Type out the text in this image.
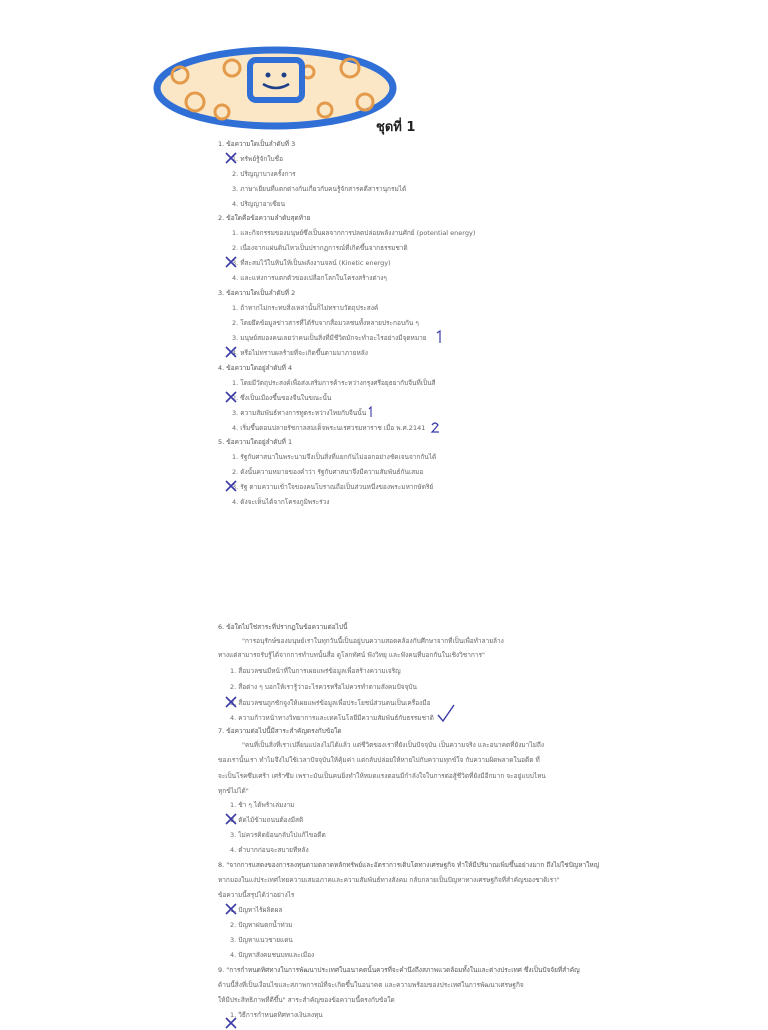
ชุดที่ 1
1. ข้อความใดเป็นลำดับที่ 3
1. ทรัพย์รู้จักใบชื่อ
2. ปริญญาบางครั้งการ
3. ภาษาเยียนที่แตกต่างกันเกี่ยวกับคนรู้จักสารคดีสารานุกรมได้
4. ปริญญาอาเซียน
2. ข้อใดคือข้อความลำดับสุดท้าย
1. และกิจกรรมของมนุษย์ซึ่งเป็นผลจากการปลดปล่อยพลังงานศักย์ (potential energy)
2. เนื่องจากแผ่นดินไหวเป็นปรากฏการณ์ที่เกิดขึ้นจากธรรมชาติ
3. ที่สะสมไว้ในหินให้เป็นพลังงานจลน์ (Kinetic energy)
4. และแห่งการแตกตัวของเปลือกโลกในโครงสร้างต่างๆ
3. ข้อความใดเป็นลำดับที่ 2
1. ถ้าหากไม่กระทบสิ่งเหล่านั้นก็ไม่ทราบวัตถุประสงค์
2. โดยยึดข้อมูลข่าวสารที่ได้รับจากสื่อมวลชนทั้งหลายประกอบกัน ๆ
3. มนุษย์สมองคนเลยว่าคนเป็นสิ่งที่มีชีวิตมักจะทำอะไรอย่างมีจุดหมาย
4. หรือไม่ทราบผลร้ายที่จะเกิดขึ้นตามมาภายหลัง
4. ข้อความใดอยู่ลำดับที่ 4
1. โดยมีวัตถุประสงค์เพื่อส่งเสริมการค้าระหว่างกรุงศรีอยุธยากับจีนที่เป็นสี
2. ซึ่งเป็นเมืองขึ้นของจีนในขณะนั้น
3. ความสัมพันธ์ทางการทูตระหว่างไทยกับจีนนั้น
4. เริ่มขึ้นตอนปลายรัชกาลสมเด็จพระนเรศวรมหาราช เมื่อ พ.ศ.2141
5. ข้อความใดอยู่ลำดับที่ 1
1. รัฐกับศาสนาในพระนามจึงเป็นสิ่งที่แยกกันไม่ออกอย่างชัดเจนจากกันได้
2. ดังนั้นความหมายของคำว่า รัฐกับศาสนาจึงมีความสัมพันธ์กันเสมอ
3. รัฐ ตามความเข้าใจของคนโบราณถือเป็นส่วนหนึ่งของพระมหากษัตริย์
4. ดังจะเห็นได้จากโครงภูมิพระร่วง
6. ข้อใดไม่ใช่สาระที่ปรากฏในข้อความต่อไปนี้
"การอนุรักษ์ของมนุษย์เราในทุกวันนี้เป็นอยู่บนความสอดคล้องกับศึกษาจากที่เป็นเพื่อทำลายล้าง
ทางแต่สามารถรับรู้ได้จากการทำบทนั้นสื่อ ดูโลกทัศน์ ฟังวิทยุ และฟังคนที่บอกกันในเชิงวิชาการ"
1. สื่อมวลชนมีหน้าที่ในการเผยแพร่ข้อมูลเพื่อสร้างความเจริญ
2. สื่อต่าง ๆ บอกให้เรารู้ว่าอะไรควรหรือไม่ควรทำตามสังคมปัจจุบัน
3. สื่อมวลชนถูกชักจูงให้เผยแพร่ข้อมูลเพื่อประโยชน์ส่วนตนเป็นเครื่องมือ
4. ความก้าวหน้าทางวิทยาการและเทคโนโลยีมีความสัมพันธ์กับธรรมชาติ
7. ข้อความต่อไปนี้มีสาระสำคัญตรงกับข้อใด
"คนที่เป็นสิ่งที่เราเปลี่ยนแปลงไม่ได้แล้ว แต่ชีวิตของเราที่ยังเป็นปัจจุบัน เป็นความจริง และอนาคตที่ยังมาไม่ถึง
ของเรานั้นเรา ทำไมจึงไม่ใช้เวลาปัจจุบันให้คุ้มค่า แต่กลับปล่อยให้หายไปกับความทุกข์ใจ กับความผิดพลาดในอดีต ที่
จะเป็นโรคซึมเศร้า เศร้าซึม เพราะมันเป็นคนยิ่งทำให้หมดแรงตอนมีกำลังใจในการต่อสู้ชีวิตที่ยังมีอีกมาก จะอยู่แบบไหน
ทุกข์ไม่ได้"
1. ช้า ๆ ได้พร้าเล่มงาม
2. ตัดไม้ข้ามถนนต้องมีสติ
3. ไม่ควรคิดย้อนกลับไปแก้ไขอดีต
4. ตำบากก่อนจะสบายทีหลัง
8. "จากการแสดงของการลงทุนตามตลาดหลักทรัพย์และอัตราการเติบโตทางเศรษฐกิจ ทำให้มีปริมาณเพิ่มขึ้นอย่างมาก ถึงไม่ใช่ปัญหาใหญ่
หากมองในแง่ประเทศไทยความเสมอภาคและความสัมพันธ์ทางสังคม กลับกลายเป็นปัญหาทางเศรษฐกิจที่สำคัญของชาติเรา"
ข้อความนี้สรุปได้ว่าอย่างไร
1. ปัญหาไร้ผลิตผล
2. ปัญหาฝนตกน้ำท่วม
3. ปัญหาแนวชายแดน
4. ปัญหาสังคมชนบทและเมือง
9. "การกำหนดทิศทางในการพัฒนาประเทศในอนาคตนั้นควรที่จะคำนึงถึงสภาพแวดล้อมทั้งในและต่างประเทศ ซึ่งเป็นปัจจัยที่สำคัญ
ด้านนี้สิ่งที่เป็นเงื่อนไขและสภาพการณ์ที่จะเกิดขึ้นในอนาคต และความพร้อมของประเทศในการพัฒนาเศรษฐกิจ
ให้มีประสิทธิภาพที่ดีขึ้น" สาระสำคัญของข้อความนี้ตรงกับข้อใด
1. วิธีการกำหนดทิศทางเงินลงทุน
